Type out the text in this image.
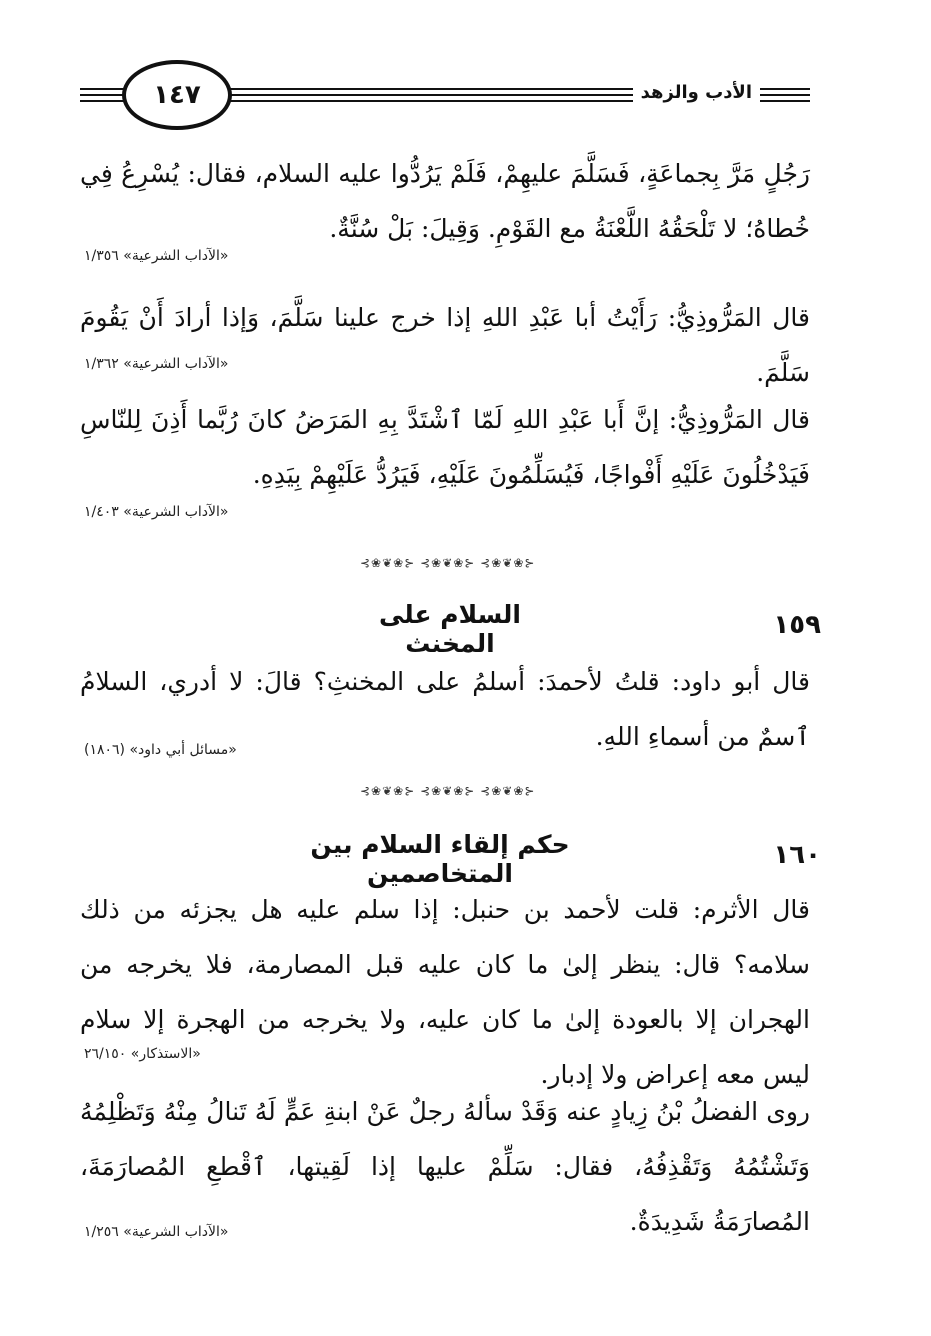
١٤٧	الأدب والزهد
رَجُلٍ مَرَّ بِجماعَةٍ، فَسَلَّمَ عليهِمْ، فَلَمْ يَرُدُّوا عليه السلام، فقال: يُسْرِعُ فِي خُطاهُ؛ لا تَلْحَقُهُ اللَّعْنَةُ مع القَوْمِ. وَقِيلَ: بَلْ سُنَّةٌ.
«الآداب الشرعية» ١/٣٥٦
قال المَرُّوذِيُّ: رَأَيْتُ أبا عَبْدِ اللهِ إذا خرج علينا سَلَّمَ، وَإذا أرادَ أَنْ يَقُومَ سَلَّمَ.
«الآداب الشرعية» ١/٣٦٢
قال المَرُّوذِيُّ: إنَّ أَبا عَبْدِ اللهِ لَمّا ٱشْتَدَّ بِهِ المَرَضُ كانَ رُبَّما أَذِنَ لِلنّاسِ فَيَدْخُلُونَ عَلَيْهِ أَفْواجًا، فَيُسَلِّمُونَ عَلَيْهِ، فَيَرُدُّ عَلَيْهِمْ بِيَدِهِ.
«الآداب الشرعية» ١/٤٠٣
⊰❀❦❀⊱ ⊰❀❦❀⊱ ⊰❀❦❀⊱
١٥٩
السلام على المخنث
قال أبو داود: قلتُ لأحمدَ: أسلمُ على المخنثِ؟ قالَ: لا أدري، السلامُ ٱسمٌ من أسماءِ اللهِ.
«مسائل أبي داود» (١٨٠٦)
⊰❀❦❀⊱ ⊰❀❦❀⊱ ⊰❀❦❀⊱
١٦٠
حكم إلقاء السلام بين المتخاصمين
قال الأثرم: قلت لأحمد بن حنبل: إذا سلم عليه هل يجزئه من ذلك سلامه؟ قال: ينظر إلىٰ ما كان عليه قبل المصارمة، فلا يخرجه من الهجران إلا بالعودة إلىٰ ما كان عليه، ولا يخرجه من الهجرة إلا سلام ليس معه إعراض ولا إدبار.
«الاستذكار» ٢٦/١٥٠
روى الفضلُ بْنُ زِيادٍ عنه وَقَدْ سألهُ رجلٌ عَنْ ابنةِ عَمٍّ لَهُ تَنالُ مِنْهُ وَتَظْلِمُهُ وَتَشْتُمُهُ وَتَقْذِفُهُ، فقال: سَلِّمْ عليها إذا لَقِيتها، ٱقْطعِ المُصارَمَةَ، المُصارَمَةُ شَدِيدَةٌ.
«الآداب الشرعية» ١/٢٥٦
